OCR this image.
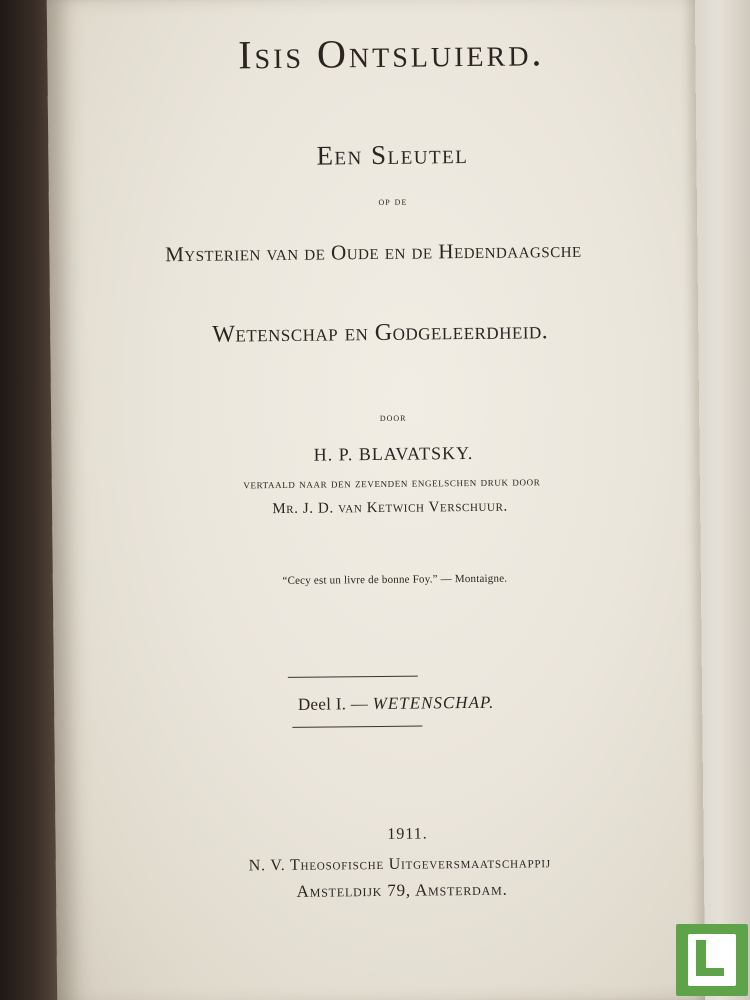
Isis Ontsluierd.
Een Sleutel
op de
Mysterien van de Oude en de Hedendaagsche
Wetenschap en Godgeleerdheid.
door
H. P. BLAVATSKY.
vertaald naar den zevenden engelschen druk door
Mr. J. D. van Ketwich Verschuur.
“Cecy est un livre de bonne Foy.” — Montaigne.
Deel I. — WETENSCHAP.
1911.
N. V. Theosofische Uitgeversmaatschappij
Amsteldijk 79, Amsterdam.
